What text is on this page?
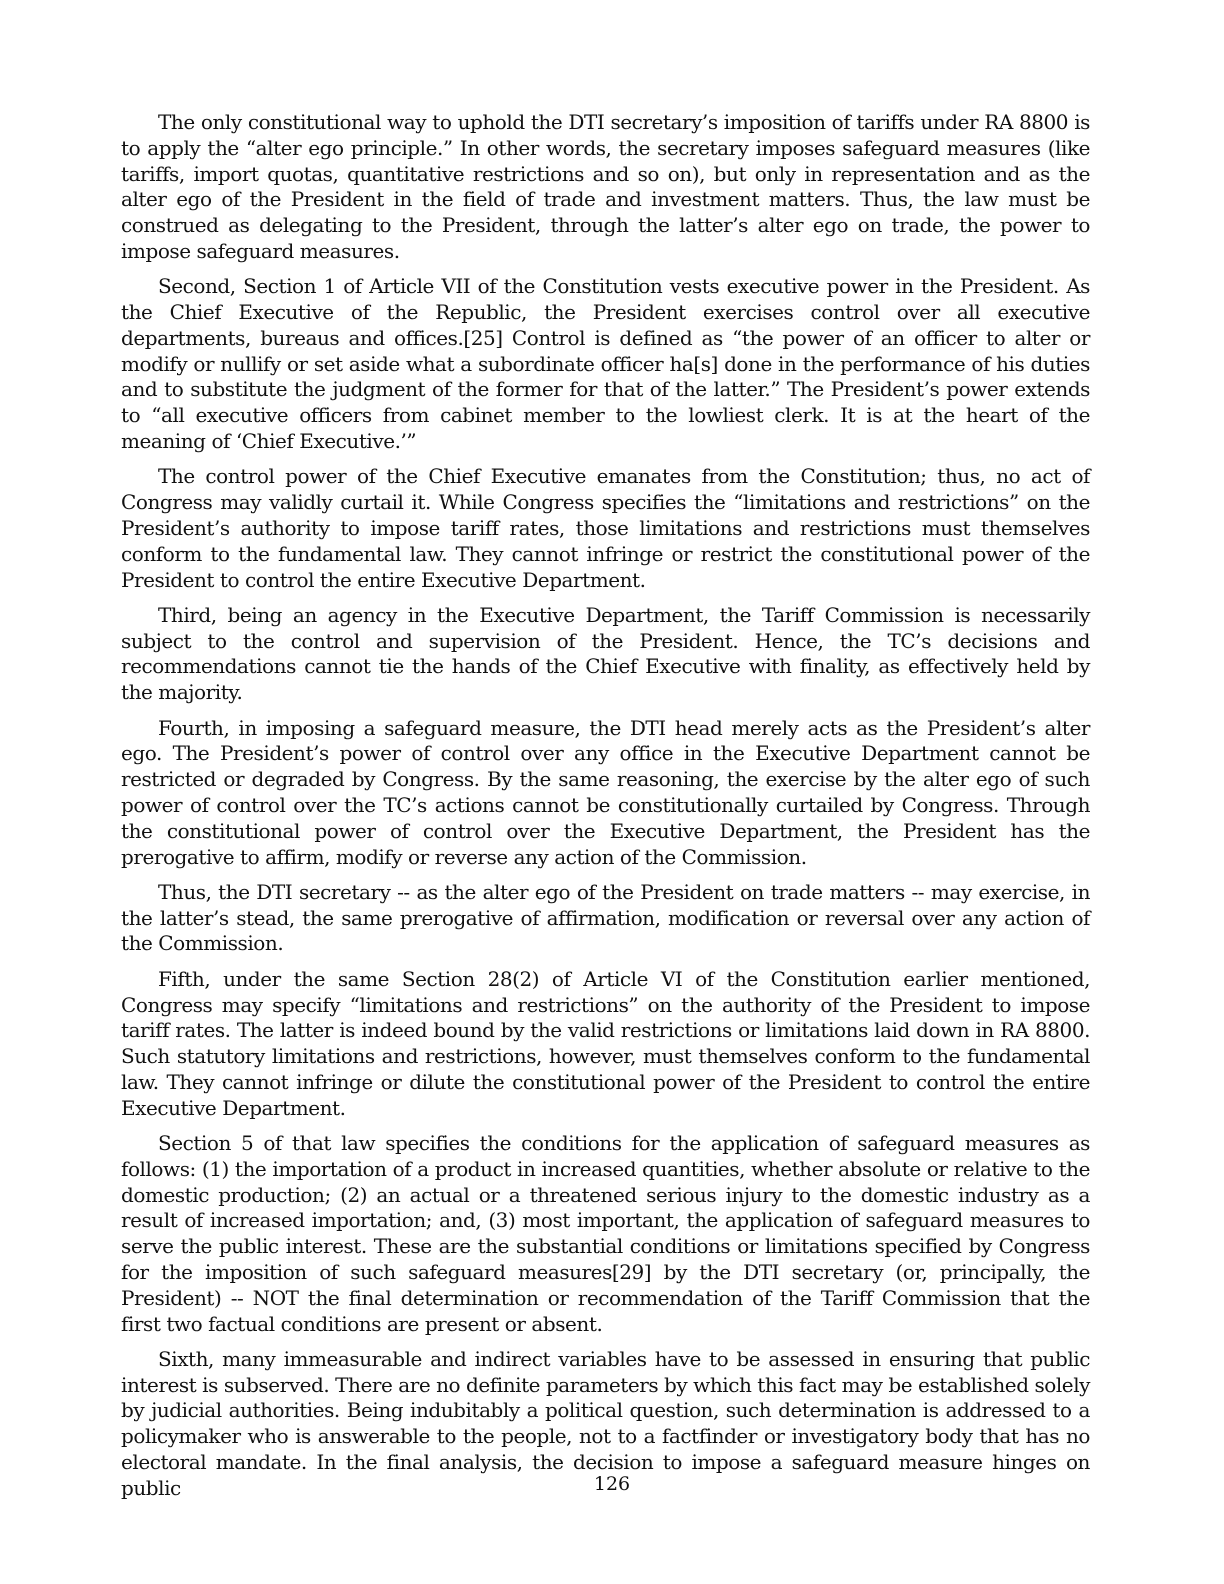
The only constitutional way to uphold the DTI secretary’s imposition of tariffs under RA 8800 is to apply the “alter ego principle.” In other words, the secretary imposes safeguard measures (like tariffs, import quotas, quantitative restrictions and so on), but only in representation and as the alter ego of the President in the field of trade and investment matters. Thus, the law must be construed as delegating to the President, through the latter’s alter ego on trade, the power to impose safeguard measures.

Second, Section 1 of Article VII of the Constitution vests executive power in the President. As the Chief Executive of the Republic, the President exercises control over all executive departments, bureaus and offices.[25] Control is defined as “the power of an officer to alter or modify or nullify or set aside what a subordinate officer ha[s] done in the performance of his duties and to substitute the judgment of the former for that of the latter.” The President’s power extends to “all executive officers from cabinet member to the lowliest clerk. It is at the heart of the meaning of ‘Chief Executive.’”

The control power of the Chief Executive emanates from the Constitution; thus, no act of Congress may validly curtail it. While Congress specifies the “limitations and restrictions” on the President’s authority to impose tariff rates, those limitations and restrictions must themselves conform to the fundamental law. They cannot infringe or restrict the constitutional power of the President to control the entire Executive Department.

Third, being an agency in the Executive Department, the Tariff Commission is necessarily subject to the control and supervision of the President. Hence, the TC’s decisions and recommendations cannot tie the hands of the Chief Executive with finality, as effectively held by the majority.

Fourth, in imposing a safeguard measure, the DTI head merely acts as the President’s alter ego. The President’s power of control over any office in the Executive Department cannot be restricted or degraded by Congress. By the same reasoning, the exercise by the alter ego of such power of control over the TC’s actions cannot be constitutionally curtailed by Congress. Through the constitutional power of control over the Executive Department, the President has the prerogative to affirm, modify or reverse any action of the Commission.

Thus, the DTI secretary -- as the alter ego of the President on trade matters -- may exercise, in the latter’s stead, the same prerogative of affirmation, modification or reversal over any action of the Commission.

Fifth, under the same Section 28(2) of Article VI of the Constitution earlier mentioned, Congress may specify “limitations and restrictions” on the authority of the President to impose tariff rates. The latter is indeed bound by the valid restrictions or limitations laid down in RA 8800. Such statutory limitations and restrictions, however, must themselves conform to the fundamental law. They cannot infringe or dilute the constitutional power of the President to control the entire Executive Department.

Section 5 of that law specifies the conditions for the application of safeguard measures as follows: (1) the importation of a product in increased quantities, whether absolute or relative to the domestic production; (2) an actual or a threatened serious injury to the domestic industry as a result of increased importation; and, (3) most important, the application of safeguard measures to serve the public interest. These are the substantial conditions or limitations specified by Congress for the imposition of such safeguard measures[29] by the DTI secretary (or, principally, the President) -- NOT the final determination or recommendation of the Tariff Commission that the first two factual conditions are present or absent.

Sixth, many immeasurable and indirect variables have to be assessed in ensuring that public interest is subserved. There are no definite parameters by which this fact may be established solely by judicial authorities. Being indubitably a political question, such determination is addressed to a policymaker who is answerable to the people, not to a factfinder or investigatory body that has no electoral mandate. In the final analysis, the decision to impose a safeguard measure hinges on public	126
